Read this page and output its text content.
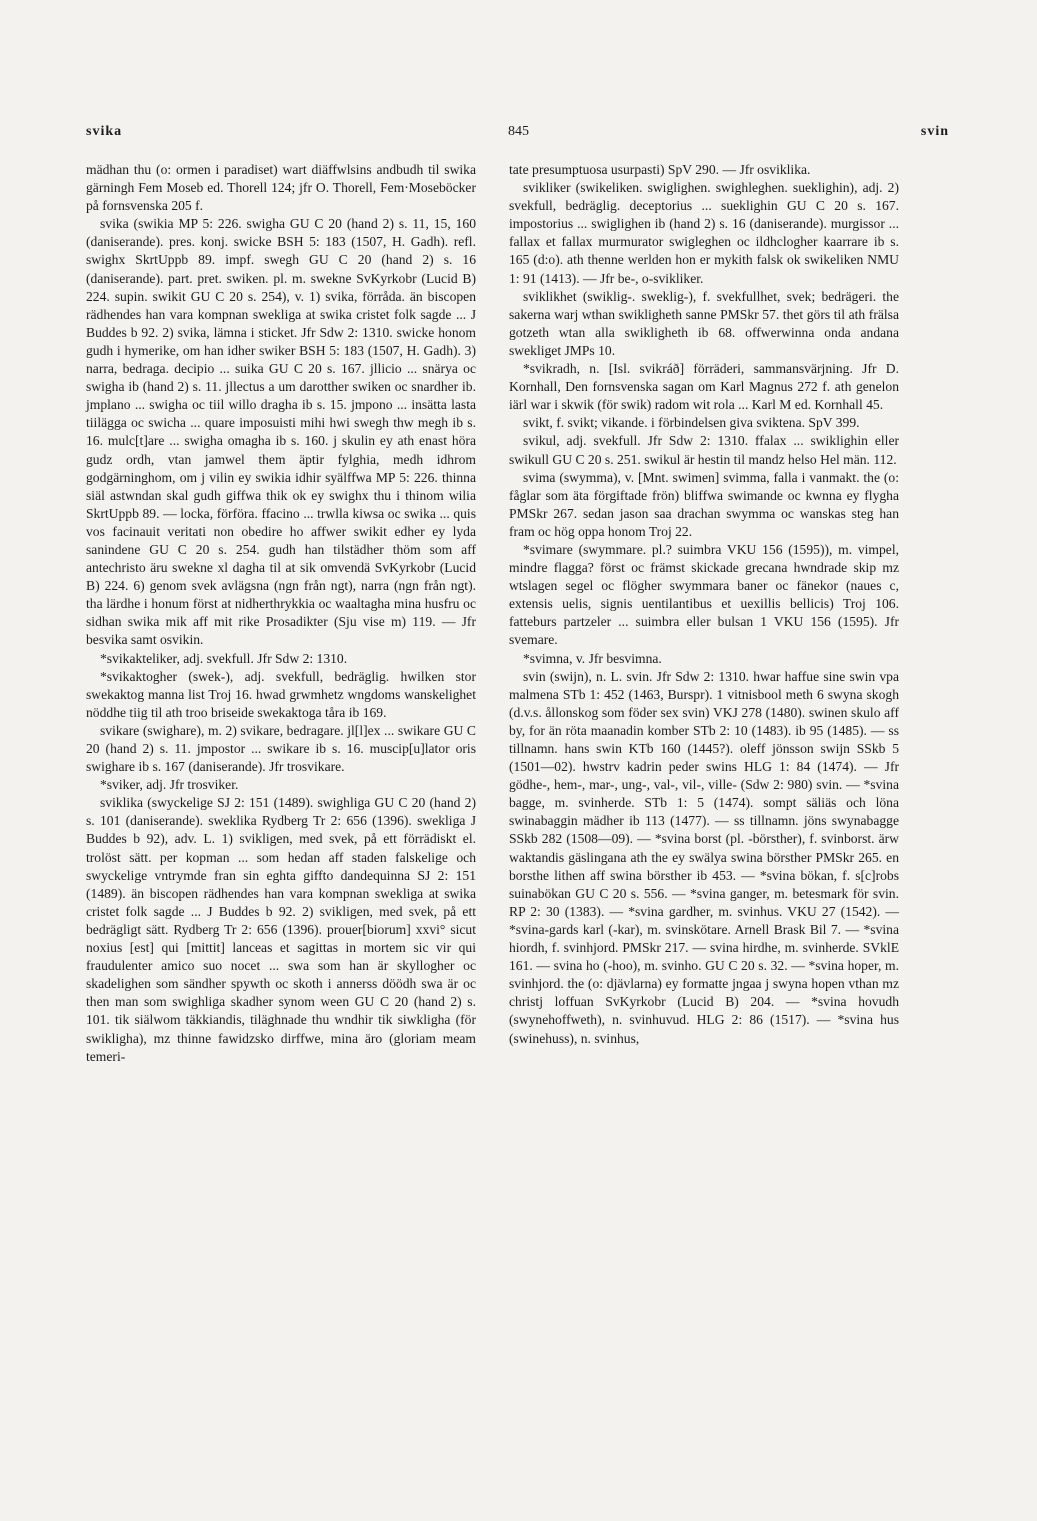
svika	845	svin

mädhan thu (o: ormen i paradiset) wart diäffwlsins andbudh til swika gärningh Fem Moseb ed. Thorell 124; jfr O. Thorell, Fem·Moseböcker på fornsvenska 205 f.

svika (swikia MP 5: 226. swigha GU C 20 (hand 2) s. 11, 15, 160 (daniserande). pres. konj. swicke BSH 5: 183 (1507, H. Gadh). refl. swighx SkrtUppb 89. impf. swegh GU C 20 (hand 2) s. 16 (daniserande). part. pret. swiken. pl. m. swekne SvKyrkobr (Lucid B) 224. supin. swikit GU C 20 s. 254), v. 1) svika, förråda. än biscopen rädhendes han vara kompnan swekliga at swika cristet folk sagde ... J Buddes b 92. 2) svika, lämna i sticket. Jfr Sdw 2: 1310. swicke honom gudh i hymerike, om han idher swiker BSH 5: 183 (1507, H. Gadh). 3) narra, bedraga. decipio ... suika GU C 20 s. 167. jllicio ... snärya oc swigha ib (hand 2) s. 11. jllectus a um darotther swiken oc snardher ib. jmplano ... swigha oc tiil willo dragha ib s. 15. jmpono ... insätta lasta tiilägga oc swicha ... quare imposuisti mihi hwi swegh thw megh ib s. 16. mulc[t]are ... swigha omagha ib s. 160. j skulin ey ath enast höra gudz ordh, vtan jamwel them äptir fylghia, medh idhrom godgärninghom, om j vilin ey swikia idhir syälffwa MP 5: 226. thinna siäl astwndan skal gudh giffwa thik ok ey swighx thu i thinom wilia SkrtUppb 89. — locka, förföra. ffacino ... trwlla kiwsa oc swika ... quis vos facinauit veritati non obedire ho affwer swikit edher ey lyda sanindene GU C 20 s. 254. gudh han tilstädher thöm som aff antechristo äru swekne xl dagha til at sik omvendä SvKyrkobr (Lucid B) 224. 6) genom svek avlägsna (ngn från ngt), narra (ngn från ngt). tha lärdhe i honum först at nidherthrykkia oc waaltagha mina husfru oc sidhan swika mik aff mit rike Prosadikter (Sju vise m) 119. — Jfr besvika samt osvikin.

*svikakteliker, adj. svekfull. Jfr Sdw 2: 1310.

*svikaktogher (swek-), adj. svekfull, bedräglig. hwilken stor swekaktog manna list Troj 16. hwad grwmhetz wngdoms wanskelighet nöddhe tiig til ath troo briseide swekaktoga tåra ib 169.

svikare (swighare), m. 2) svikare, bedragare. jl[l]ex ... swikare GU C 20 (hand 2) s. 11. jmpostor ... swikare ib s. 16. muscip[u]lator oris swighare ib s. 167 (daniserande). Jfr trosvikare.

*sviker, adj. Jfr trosviker.

sviklika (swyckelige SJ 2: 151 (1489). swighliga GU C 20 (hand 2) s. 101 (daniserande). sweklika Rydberg Tr 2: 656 (1396). swekliga J Buddes b 92), adv. L. 1) svikligen, med svek, på ett förrädiskt el. trolöst sätt. per kopman ... som hedan aff staden falskelige och swyckelige vntrymde fran sin eghta giffto dandequinna SJ 2: 151 (1489). än biscopen rädhendes han vara kompnan swekliga at swika cristet folk sagde ... J Buddes b 92. 2) svikligen, med svek, på ett bedrägligt sätt. Rydberg Tr 2: 656 (1396). prouer[biorum] xxvi° sicut noxius [est] qui [mittit] lanceas et sagittas in mortem sic vir qui fraudulenter amico suo nocet ... swa som han är skyllogher oc skadelighen som sändher spywth oc skoth i annerss döödh swa är oc then man som swighliga skadher synom ween GU C 20 (hand 2) s. 101. tik siälwom täkkiandis, tiläghnade thu wndhir tik siwkligha (för swikligha), mz thinne fawidzsko dirffwe, mina äro (gloriam meam temeri-

tate presumptuosa usurpasti) SpV 290. — Jfr osviklika.

svikliker (swikeliken. swiglighen. swighleghen. sueklighin), adj. 2) svekfull, bedräglig. deceptorius ... sueklighin GU C 20 s. 167. impostorius ... swiglighen ib (hand 2) s. 16 (daniserande). murgissor ... fallax et fallax murmurator swigleghen oc ildhclogher kaarrare ib s. 165 (d:o). ath thenne werlden hon er mykith falsk ok swikeliken NMU 1: 91 (1413). — Jfr be-, o-svikliker.

sviklikhet (swiklig-. sweklig-), f. svekfullhet, svek; bedrägeri. the sakerna warj wthan swikligheth sanne PMSkr 57. thet görs til ath frälsa gotzeth wtan alla swikligheth ib 68. offwerwinna onda andana swekliget JMPs 10.

*svikradh, n. [Isl. svikráð] förräderi, sammansvärjning. Jfr D. Kornhall, Den fornsvenska sagan om Karl Magnus 272 f. ath genelon iärl war i skwik (för swik) radom wit rola ... Karl M ed. Kornhall 45.

svikt, f. svikt; vikande. i förbindelsen giva sviktena. SpV 399.

svikul, adj. svekfull. Jfr Sdw 2: 1310. ffalax ... swiklighin eller swikull GU C 20 s. 251. swikul är hestin til mandz helso Hel män. 112.

svima (swymma), v. [Mnt. swimen] svimma, falla i vanmakt. the (o: fåglar som äta förgiftade frön) bliffwa swimande oc kwnna ey flygha PMSkr 267. sedan jason saa drachan swymma oc wanskas steg han fram oc hög oppa honom Troj 22.

*svimare (swymmare. pl.? suimbra VKU 156 (1595)), m. vimpel, mindre flagga? först oc främst skickade grecana hwndrade skip mz wtslagen segel oc flögher swymmara baner oc fänekor (naues c, extensis uelis, signis uentilantibus et uexillis bellicis) Troj 106. fatteburs partzeler ... suimbra eller bulsan 1 VKU 156 (1595). Jfr svemare.

*svimna, v. Jfr besvimna.

svin (swijn), n. L. svin. Jfr Sdw 2: 1310. hwar haffue sine swin vpa malmena STb 1: 452 (1463, Burspr). 1 vitnisbool meth 6 swyna skogh (d.v.s. ållonskog som föder sex svin) VKJ 278 (1480). swinen skulo aff by, for än röta maanadin komber STb 2: 10 (1483). ib 95 (1485). — ss tillnamn. hans swin KTb 160 (1445?). oleff jönsson swijn SSkb 5 (1501—02). hwstrv kadrin peder swins HLG 1: 84 (1474). — Jfr gödhe-, hem-, mar-, ung-, val-, vil-, ville- (Sdw 2: 980) svin. — *svina bagge, m. svinherde. STb 1: 5 (1474). sompt säliäs och löna swinabaggin mädher ib 113 (1477). — ss tillnamn. jöns swynabagge SSkb 282 (1508—09). — *svina borst (pl. -börsther), f. svinborst. ärw waktandis gäslingana ath the ey swälya swina börsther PMSkr 265. en borsthe lithen aff swina börsther ib 453. — *svina bökan, f. s[c]robs suinabökan GU C 20 s. 556. — *svina ganger, m. betesmark för svin. RP 2: 30 (1383). — *svina gardher, m. svinhus. VKU 27 (1542). — *svina-gards karl (-kar), m. svinskötare. Arnell Brask Bil 7. — *svina hiordh, f. svinhjord. PMSkr 217. — svina hirdhe, m. svinherde. SVklE 161. — svina ho (-hoo), m. svinho. GU C 20 s. 32. — *svina hoper, m. svinhjord. the (o: djävlarna) ey formatte jngaa j swyna hopen vthan mz christj loffuan SvKyrkobr (Lucid B) 204. — *svina hovudh (swynehoffweth), n. svinhuvud. HLG 2: 86 (1517). — *svina hus (swinehuss), n. svinhus,
